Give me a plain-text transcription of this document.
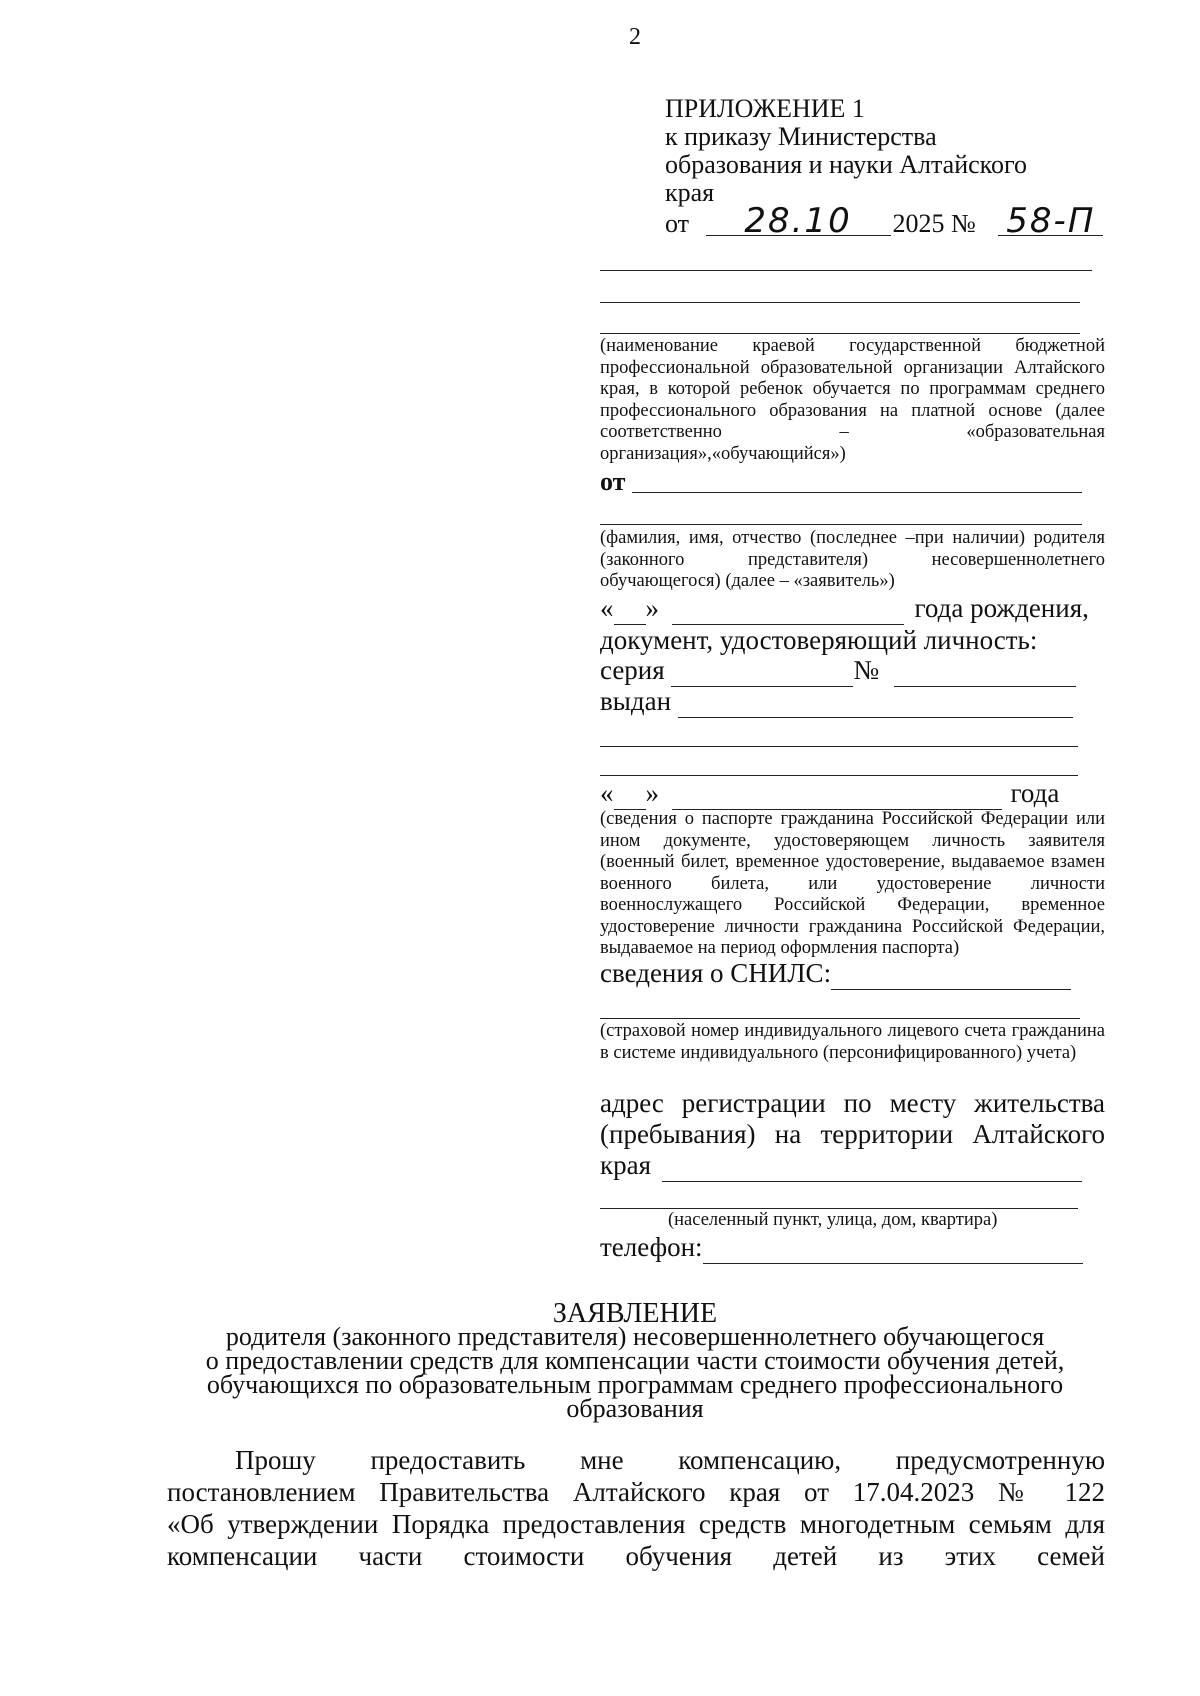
2
ПРИЛОЖЕНИЕ 1
к приказу Министерства
образования и науки Алтайского
края
от 28.10 2025 № 58-П
(наименование краевой государственной бюджетной профессиональной образовательной организации Алтайского края, в которой ребенок обучается по программам среднего профессионального образования на платной основе (далее соответственно – «образовательная организация»,«обучающийся»)
от
(фамилия, имя, отчество (последнее –при наличии) родителя (законного представителя) несовершеннолетнего обучающегося) (далее – «заявитель»)
« »	года рождения,
документ, удостоверяющий личность:
серия	№
выдан
« »	года
(сведения о паспорте гражданина Российской Федерации или ином документе, удостоверяющем личность заявителя (военный билет, временное удостоверение, выдаваемое взамен военного билета, или удостоверение личности военнослужащего Российской Федерации, временное удостоверение личности гражданина Российской Федерации, выдаваемое на период оформления паспорта)
сведения о СНИЛС:
(страховой номер индивидуального лицевого счета гражданина в системе индивидуального (персонифицированного) учета)
адрес регистрации по месту жительства
(пребывания) на территории Алтайского
края
(населенный пункт, улица, дом, квартира)
телефон:
ЗАЯВЛЕНИЕ
родителя (законного представителя) несовершеннолетнего обучающегося
о предоставлении средств для компенсации части стоимости обучения детей,
обучающихся по образовательным программам среднего профессионального
образования
Прошу предоставить мне компенсацию, предусмотренную
постановлением Правительства Алтайского края от 17.04.2023 № 122
«Об утверждении Порядка предоставления средств многодетным семьям для
компенсации части стоимости обучения детей из этих семей
